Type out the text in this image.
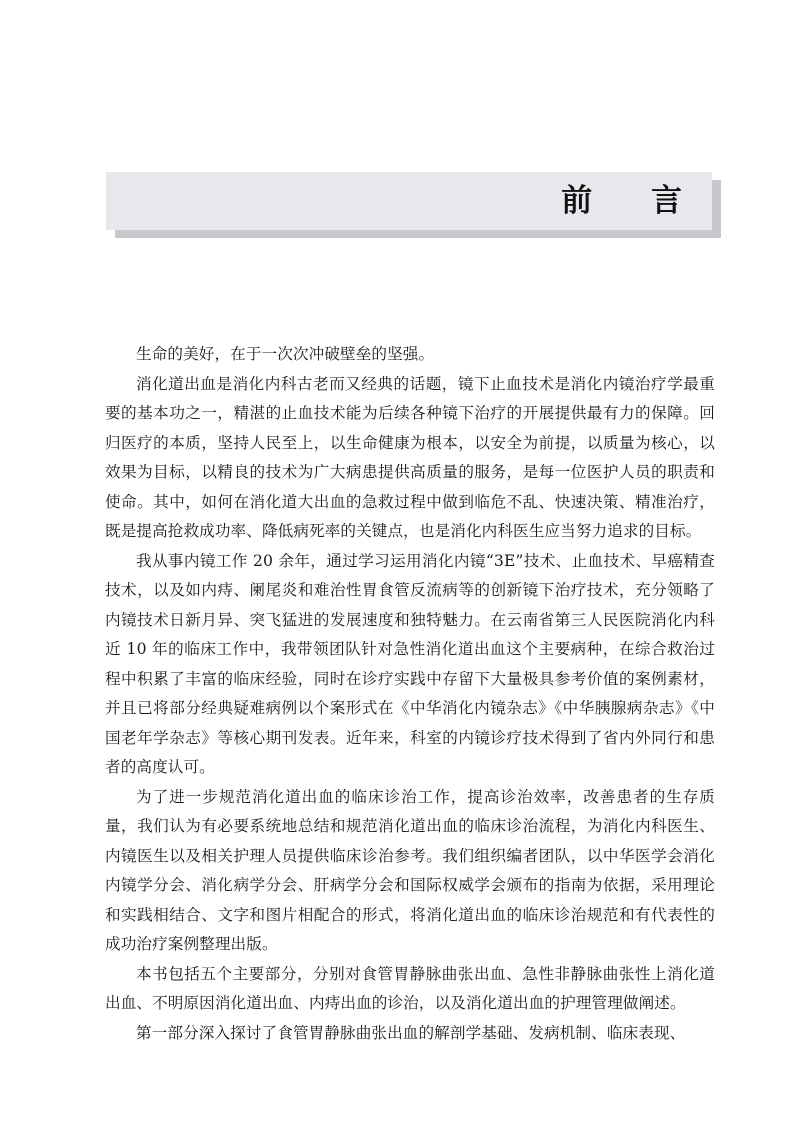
前 言

生命的美好，在于一次次冲破壁垒的坚强。

消化道出血是消化内科古老而又经典的话题，镜下止血技术是消化内镜治疗学最重要的基本功之一，精湛的止血技术能为后续各种镜下治疗的开展提供最有力的保障。回归医疗的本质，坚持人民至上，以生命健康为根本，以安全为前提，以质量为核心，以效果为目标，以精良的技术为广大病患提供高质量的服务，是每一位医护人员的职责和使命。其中，如何在消化道大出血的急救过程中做到临危不乱、快速决策、精准治疗，既是提高抢救成功率、降低病死率的关键点，也是消化内科医生应当努力追求的目标。

我从事内镜工作 20 余年，通过学习运用消化内镜“3E”技术、止血技术、早癌精查技术，以及如内痔、阑尾炎和难治性胃食管反流病等的创新镜下治疗技术，充分领略了内镜技术日新月异、突飞猛进的发展速度和独特魅力。在云南省第三人民医院消化内科近 10 年的临床工作中，我带领团队针对急性消化道出血这个主要病种，在综合救治过程中积累了丰富的临床经验，同时在诊疗实践中存留下大量极具参考价值的案例素材，并且已将部分经典疑难病例以个案形式在《中华消化内镜杂志》《中华胰腺病杂志》《中国老年学杂志》等核心期刊发表。近年来，科室的内镜诊疗技术得到了省内外同行和患者的高度认可。

为了进一步规范消化道出血的临床诊治工作，提高诊治效率，改善患者的生存质量，我们认为有必要系统地总结和规范消化道出血的临床诊治流程，为消化内科医生、内镜医生以及相关护理人员提供临床诊治参考。我们组织编者团队，以中华医学会消化内镜学分会、消化病学分会、肝病学分会和国际权威学会颁布的指南为依据，采用理论和实践相结合、文字和图片相配合的形式，将消化道出血的临床诊治规范和有代表性的成功治疗案例整理出版。

本书包括五个主要部分，分别对食管胃静脉曲张出血、急性非静脉曲张性上消化道出血、不明原因消化道出血、内痔出血的诊治，以及消化道出血的护理管理做阐述。

第一部分深入探讨了食管胃静脉曲张出血的解剖学基础、发病机制、临床表现、
